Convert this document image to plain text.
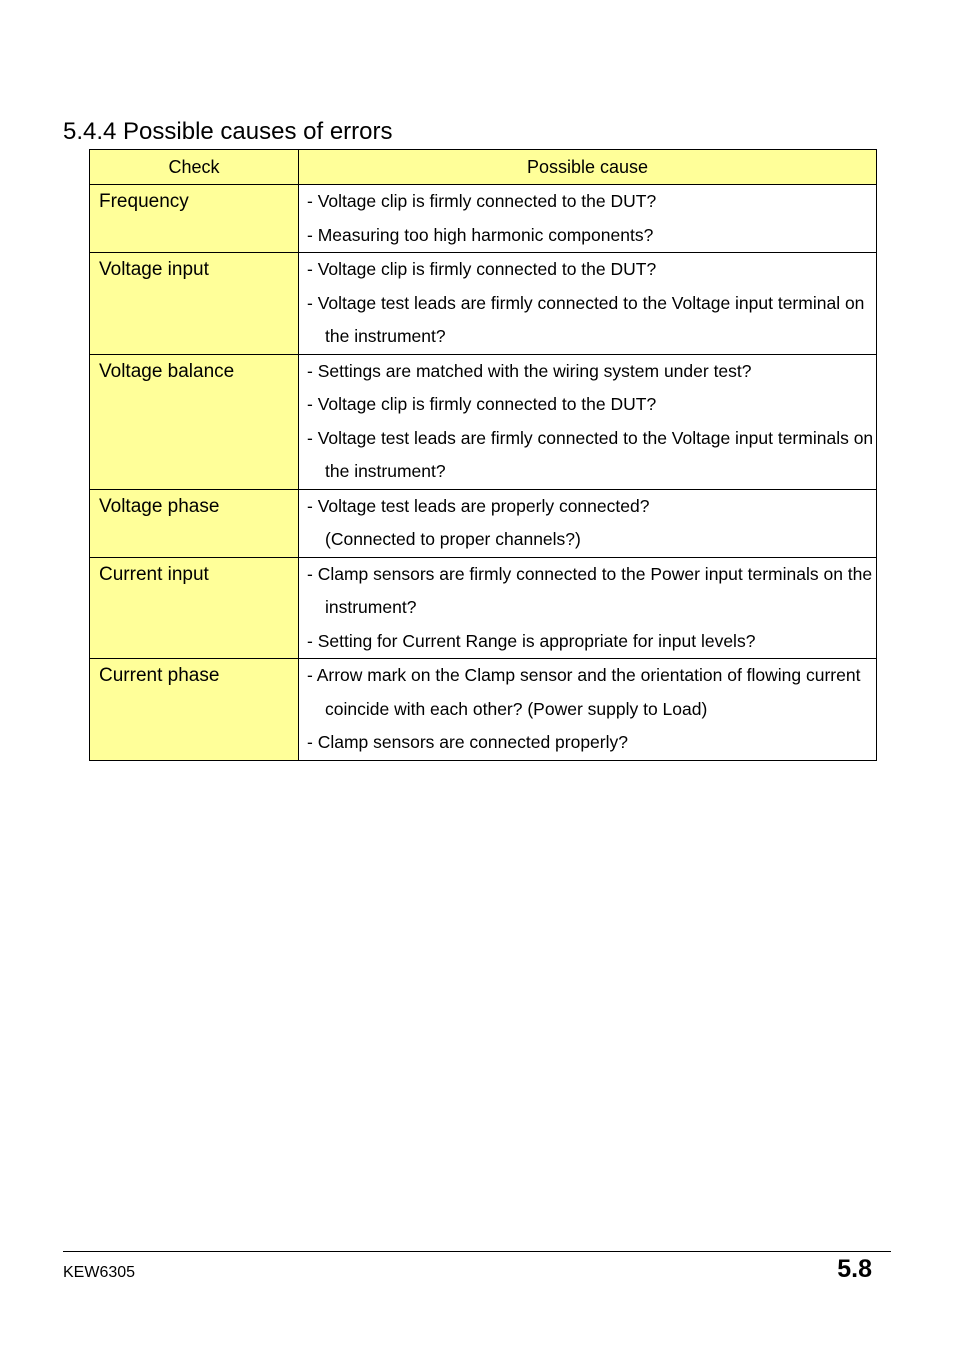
5.4.4 Possible causes of errors
Check	Possible cause
Frequency	- Voltage clip is firmly connected to the DUT?
- Measuring too high harmonic components?

Voltage input	- Voltage clip is firmly connected to the DUT?
- Voltage test leads are firmly connected to the Voltage input terminal on
the instrument?

Voltage balance	- Settings are matched with the wiring system under test?
- Voltage clip is firmly connected to the DUT?
- Voltage test leads are firmly connected to the Voltage input terminals on
the instrument?

Voltage phase	- Voltage test leads are properly connected?
(Connected to proper channels?)

Current input	- Clamp sensors are firmly connected to the Power input terminals on the
instrument?
- Setting for Current Range is appropriate for input levels?

Current phase	- Arrow mark on the Clamp sensor and the orientation of flowing current
coincide with each other? (Power supply to Load)
- Clamp sensors are connected properly?
KEW6305	5.8
